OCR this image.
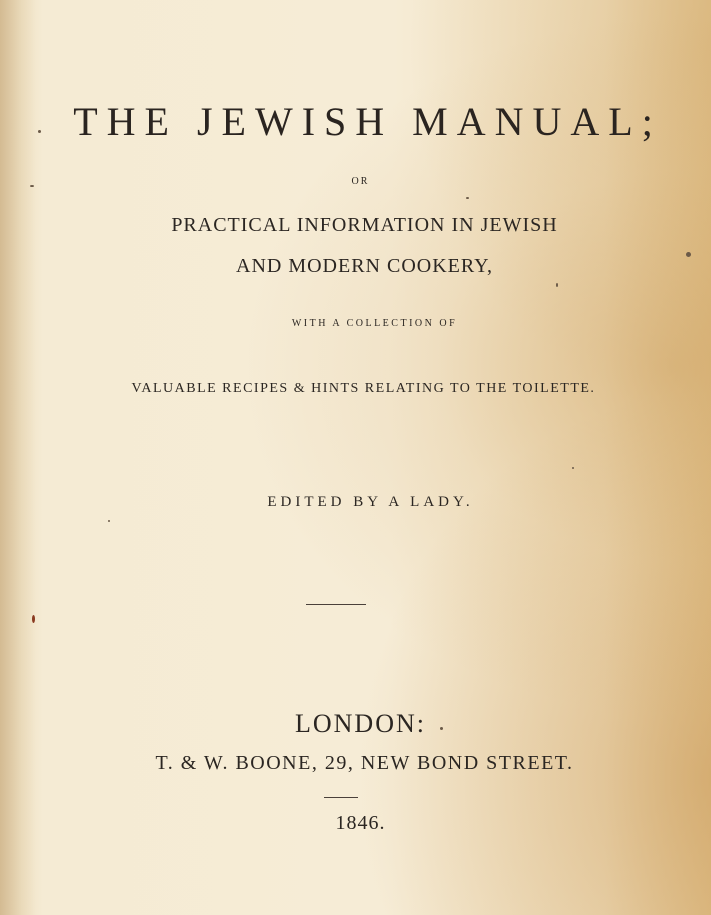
THE JEWISH MANUAL;
OR
PRACTICAL INFORMATION IN JEWISH
AND MODERN COOKERY,
WITH A COLLECTION OF
VALUABLE RECIPES & HINTS RELATING TO THE TOILETTE.
EDITED BY A LADY.
LONDON:
T. & W. BOONE, 29, NEW BOND STREET.
1846.
